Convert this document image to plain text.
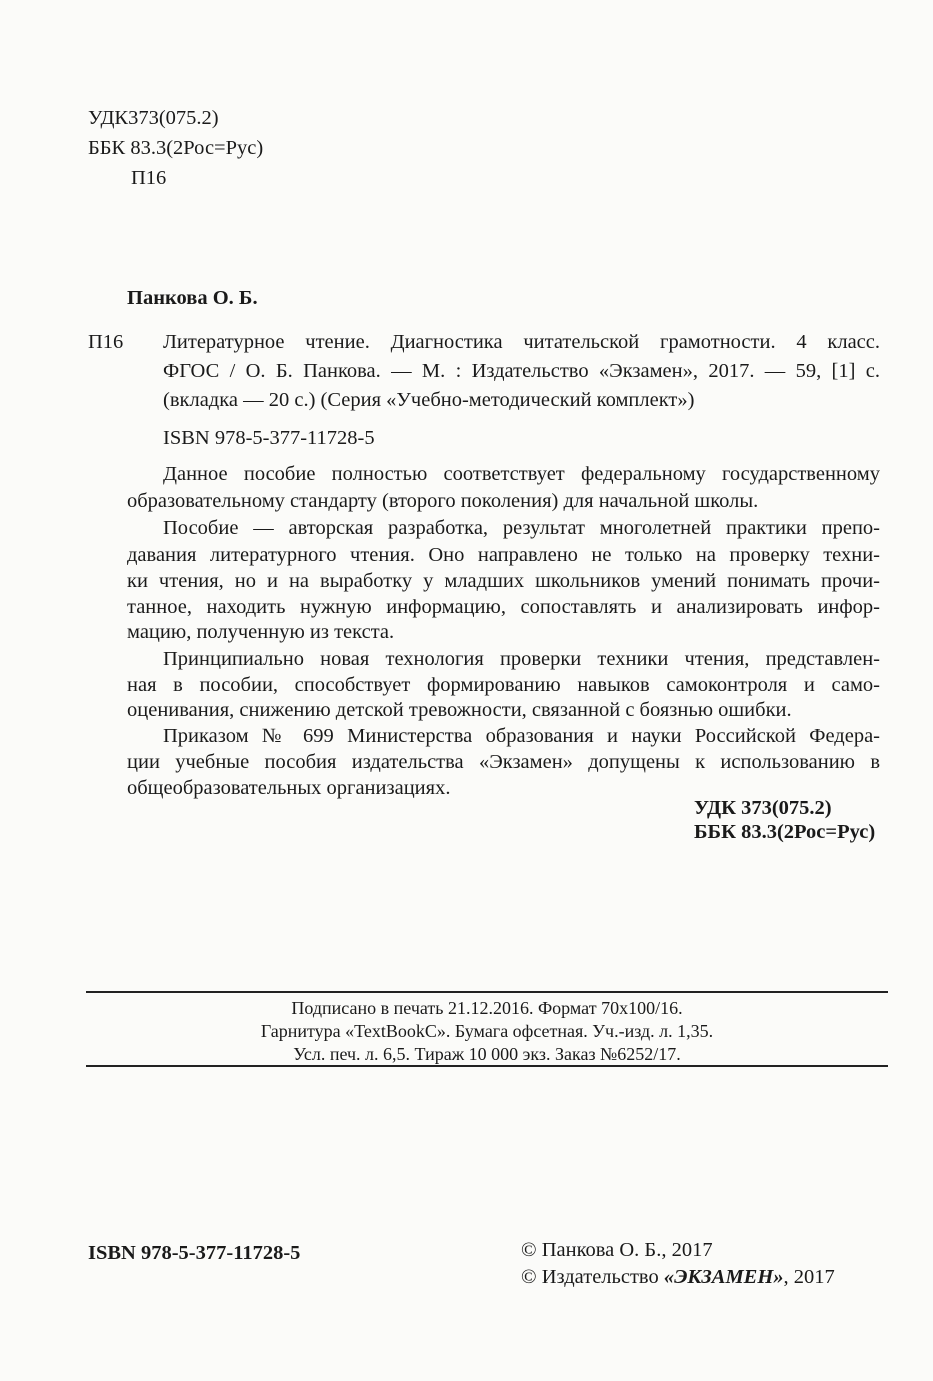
УДК373(075.2)
ББК 83.3(2Рос=Рус)
П16
Панкова О. Б.
П16 Литературное чтение. Диагностика читательской грамотности. 4 класс.
ФГОС / О. Б. Панкова. — М. : Издательство «Экзамен», 2017. — 59, [1] с.
(вкладка — 20 с.) (Серия «Учебно-методический комплект»)
ISBN 978-5-377-11728-5
Данное пособие полностью соответствует федеральному государственному
образовательному стандарту (второго поколения) для начальной школы.
Пособие — авторская разработка, результат многолетней практики препо-
давания литературного чтения. Оно направлено не только на проверку техни-
ки чтения, но и на выработку у младших школьников умений понимать прочи-
танное, находить нужную информацию, сопоставлять и анализировать инфор-
мацию, полученную из текста.
Принципиально новая технология проверки техники чтения, представлен-
ная в пособии, способствует формированию навыков самоконтроля и само-
оценивания, снижению детской тревожности, связанной с боязнью ошибки.
Приказом № 699 Министерства образования и науки Российской Федера-
ции учебные пособия издательства «Экзамен» допущены к использованию в
общеобразовательных организациях.
УДК 373(075.2)
ББК 83.3(2Рос=Рус)
Подписано в печать 21.12.2016. Формат 70x100/16.
Гарнитура «TextBookC». Бумага офсетная. Уч.-изд. л. 1,35.
Усл. печ. л. 6,5. Тираж 10 000 экз. Заказ №6252/17.
ISBN 978-5-377-11728-5	© Панкова О. Б., 2017
© Издательство «ЭКЗАМЕН», 2017
